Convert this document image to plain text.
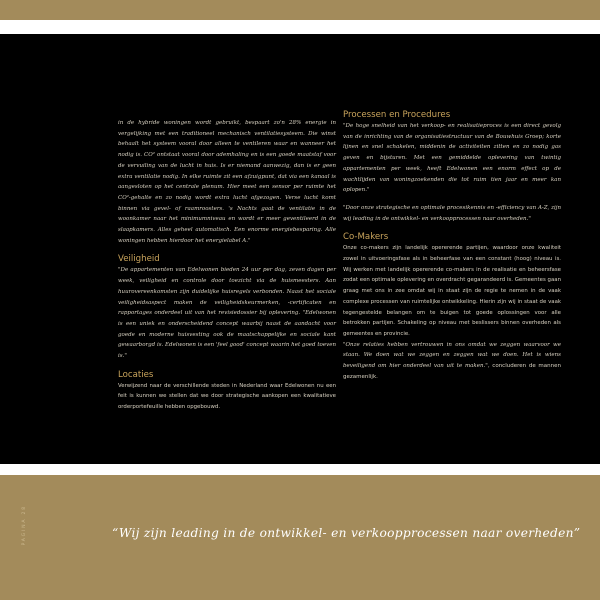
in de hybride woningen wordt gebruikt, bespaart zo'n 28% energie in vergelijking met een traditioneel mechanisch ventilatiesysteem. Die winst behaalt het systeem vooral door alleen te ventileren waar en wanneer het nodig is. CO² ontstaat vooral door ademhaling en is een goede maatstaf voor de vervuiling van de lucht in huis. Is er niemand aanwezig, dan is er geen extra ventilatie nodig. In elke ruimte zit een afzuigpunt, dat via een kanaal is aangesloten op het centrale plenum. Hier meet een sensor per ruimte het CO²-gehalte en zo nodig wordt extra lucht afgezogen. Verse lucht komt binnen via gevel- of raamroosters. 's Nachts gaat de ventilatie in de woonkamer naar het minimumniveau en wordt er meer geventileerd in de slaapkamers. Alles geheel automatisch. Een enorme energiebesparing. Alle woningen hebben hierdoor het energielabel A."

Veiligheid

"De appartementen van Edelwonen bieden 24 uur per dag, zeven dagen per week, veiligheid en controle door toezicht via de huismeesters. Aan huurovereenkomsten zijn duidelijke huisregels verbonden. Naast het sociale veiligheidsaspect maken de veiligheidskeurmerken, -certificaten en rapportages onderdeel uit van het revisiedossier bij oplevering. "Edelwonen is een uniek en onderscheidend concept waarbij naast de aandacht voor goede en moderne huisvesting ook de maatschappelijke en sociale kant gewaarborgd is. Edelwonen is een 'feel good' concept waarin het goed toeven is."

Locaties

Verwijzend naar de verschillende steden in Nederland waar Edelwonen nu een feit is kunnen we stellen dat we door strategische aankopen een kwalitatieve orderportefeuille hebben opgebouwd.

Processen en Procedures

"De hoge snelheid van het verkoop- en realisatieproces is een direct gevolg van de inrichting van de organisatiestructuur van de Bouwhuis Groep; korte lijnen en snel schakelen, middenin de activiteiten zitten en zo nodig gas geven en bijsturen. Met een gemiddelde oplevering van twintig appartementen per week, heeft Edelwonen een enorm effect op de wachtlijden van woningzoekenden die tot ruim tien jaar en meer kan oplopen."

"Door onze strategische en optimale procesikennis en -efficiency van A-Z, zijn wij leading in de ontwikkel- en verkoopprocessen naar overheden."

Co-Makers

Onze co-makers zijn landelijk opererende partijen, waardoor onze kwaliteit zowel in uitvoeringsfase als in beheerfase van een constant (hoog) niveau is. Wij werken met landelijk opererende co-makers in de realisatie en beheersfase zodat een optimale oplevering en overdracht gegarandeerd is. Gemeentes gaan graag met ons in zee omdat wij in staat zijn de regie te nemen in de vaak complexe processen van ruimtelijke ontwikkeling. Hierin zijn wij in staat de vaak tegengestelde belangen om te buigen tot goede oplossingen voor alle betrokken partijen. Schakeling op niveau met beslissers binnen overheden als gemeentes en provincie.

"Onze relaties hebben vertrouwen in ons omdat we zeggen waarvoor we staan. We doen wat we zeggen en zeggen wat we doen. Het is wiens beveiligend om hier onderdeel van uit te maken.", concluderen de mannen gezamenlijk.

PAGINA 28	“Wij zijn leading in de ontwikkel- en verkoopprocessen naar overheden”
